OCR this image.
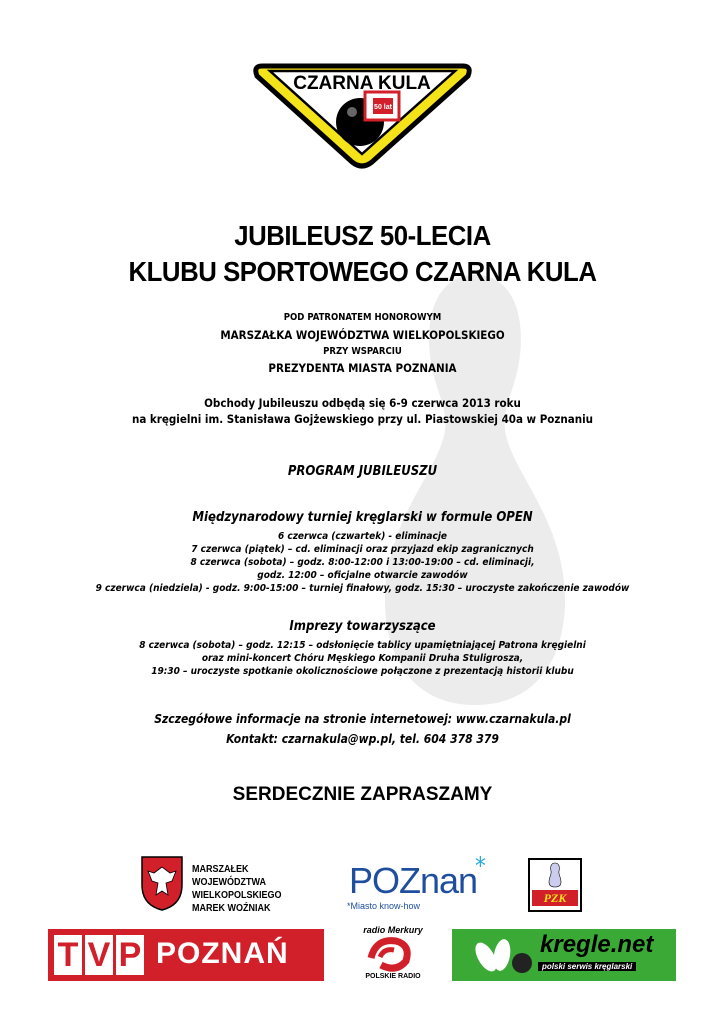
CZARNA KULA
50 lat
JUBILEUSZ 50-LECIA
KLUBU SPORTOWEGO CZARNA KULA
POD PATRONATEM HONOROWYM
MARSZAŁKA WOJEWÓDZTWA WIELKOPOLSKIEGO
PRZY WSPARCIU
PREZYDENTA MIASTA POZNANIA
Obchody Jubileuszu odbędą się 6-9 czerwca 2013 roku
na kręgielni im. Stanisława Gojżewskiego przy ul. Piastowskiej 40a w Poznaniu
PROGRAM JUBILEUSZU
Międzynarodowy turniej kręglarski w formule OPEN
6 czerwca (czwartek) - eliminacje
7 czerwca (piątek) – cd. eliminacji oraz przyjazd ekip zagranicznych
8 czerwca (sobota) – godz. 8:00-12:00 i 13:00-19:00 – cd. eliminacji,
godz. 12:00 – oficjalne otwarcie zawodów
9 czerwca (niedziela) - godz. 9:00-15:00 – turniej finałowy, godz. 15:30 – uroczyste zakończenie zawodów
Imprezy towarzyszące
8 czerwca (sobota) – godz. 12:15 – odsłonięcie tablicy upamiętniającej Patrona kręgielni
oraz mini-koncert Chóru Męskiego Kompanii Druha Stuligrosza,
19:30 – uroczyste spotkanie okolicznościowe połączone z prezentacją historii klubu
Szczegółowe informacje na stronie internetowej: www.czarnakula.pl
Kontakt: czarnakula@wp.pl, tel. 604 378 379
SERDECZNIE ZAPRASZAMY
MARSZAŁEK WOJEWÓDZTWA
WIELKOPOLSKIEGO
MAREK WOŹNIAK
POZnan
*
*Miasto know-how
PZK
T V P POZNAŃ
radio Merkury
POLSKIE RADIO
kregle.net
polski serwis kręglarski
